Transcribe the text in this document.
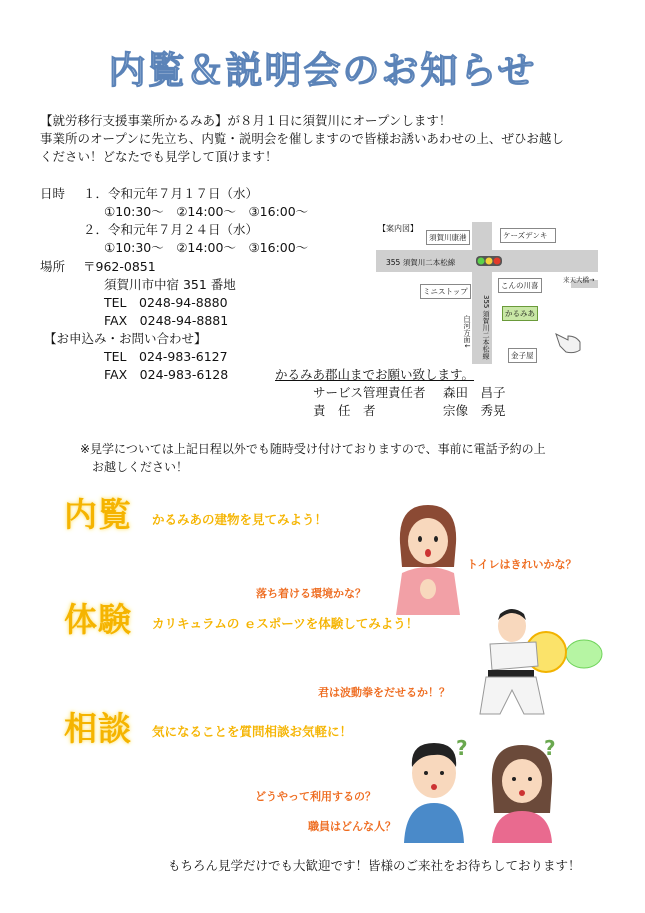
内覧＆説明会のお知らせ
【就労移行支援事業所かるみあ】が８月１日に須賀川にオープンします！
事業所のオープンに先立ち、内覧・説明会を催しますので皆様お誘いあわせの上、ぜひお越し
ください！どなたでも見学して頂けます！
日時 １．令和元年７月１７日（水）
①10:30～　②14:00～　③16:00～
２．令和元年７月２４日（水）
①10:30～　②14:00～　③16:00～
場所 〒962-0851
須賀川市中宿 351 番地
TEL　0248-94-8880
FAX　0248-94-8881
【お申込み・お問い合わせ】
TEL　024-983-6127
FAX　024-983-6128	かるみあ郡山までお願い致します。
サービス管理責任者 森田　昌子
責　任　者	宗像　秀晃
※見学については上記日程以外でも随時受け付けておりますので、事前に電話予約の上
お越しください！
【案内図】
須賀川康港	ケーズデンキ
355 須賀川二本松線
ミニストップ
こんの川喜
かるみあ
来天大橋→
355 須賀川二本松線
白河方面↓
金子屋
内覧 かるみあの建物を見てみよう！
トイレはきれいかな？
落ち着ける環境かな？
体験 カリキュラムの ｅスポーツを体験してみよう！
君は波動拳をだせるか！？
相談 気になることを質問相談お気軽に！
どうやって利用するの？
職員はどんな人？
?	?
もちろん見学だけでも大歓迎です！皆様のご来社をお待ちしております！
